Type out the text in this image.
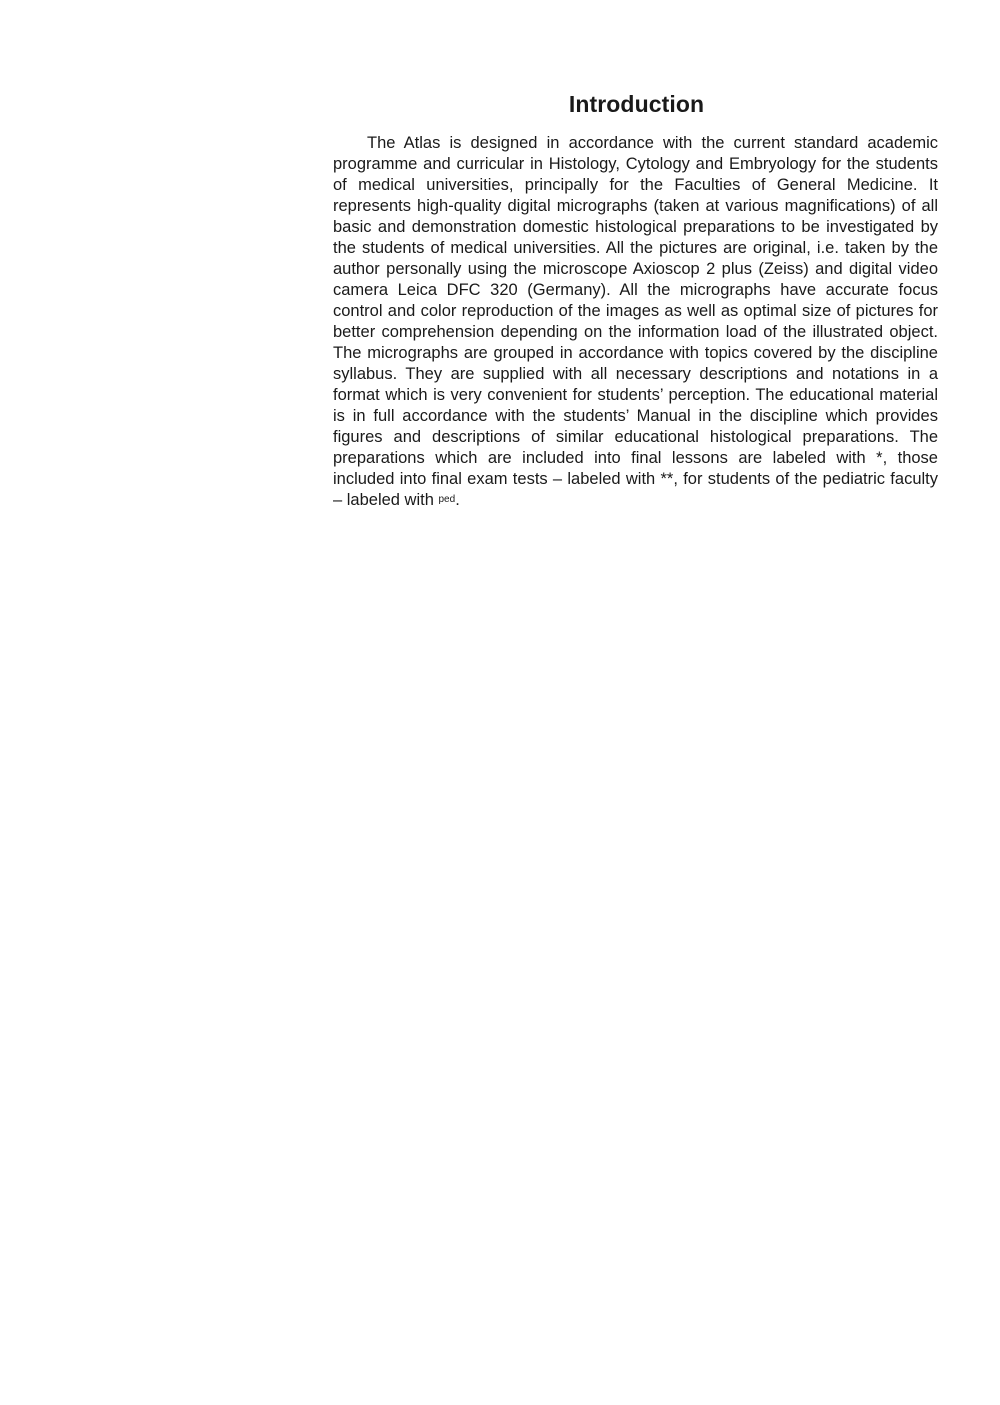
Introduction

The Atlas is designed in accordance with the current standard academic programme and curricular in Histology, Cytology and Embryology for the students of medical universities, principally for the Faculties of General Medicine. It represents high-quality digital micrographs (taken at various magnifications) of all basic and demonstration domestic histological preparations to be investigated by the students of medical universities. All the pictures are original, i.e. taken by the author personally using the microscope Axioscop 2 plus (Zeiss) and digital video camera Leica DFC 320 (Germany). All the micrographs have accurate focus control and color reproduction of the images as well as optimal size of pictures for better comprehension depending on the information load of the illustrated object. The micrographs are grouped in accordance with topics covered by the discipline syllabus. They are supplied with all necessary descriptions and notations in a format which is very convenient for students’ perception. The educational material is in full accordance with the students’ Manual in the discipline which provides figures and descriptions of similar educational histological preparations. The preparations which are included into final lessons are labeled with *, those included into final exam tests – labeled with **, for students of the pediatric faculty – labeled with $^{ped}$.
